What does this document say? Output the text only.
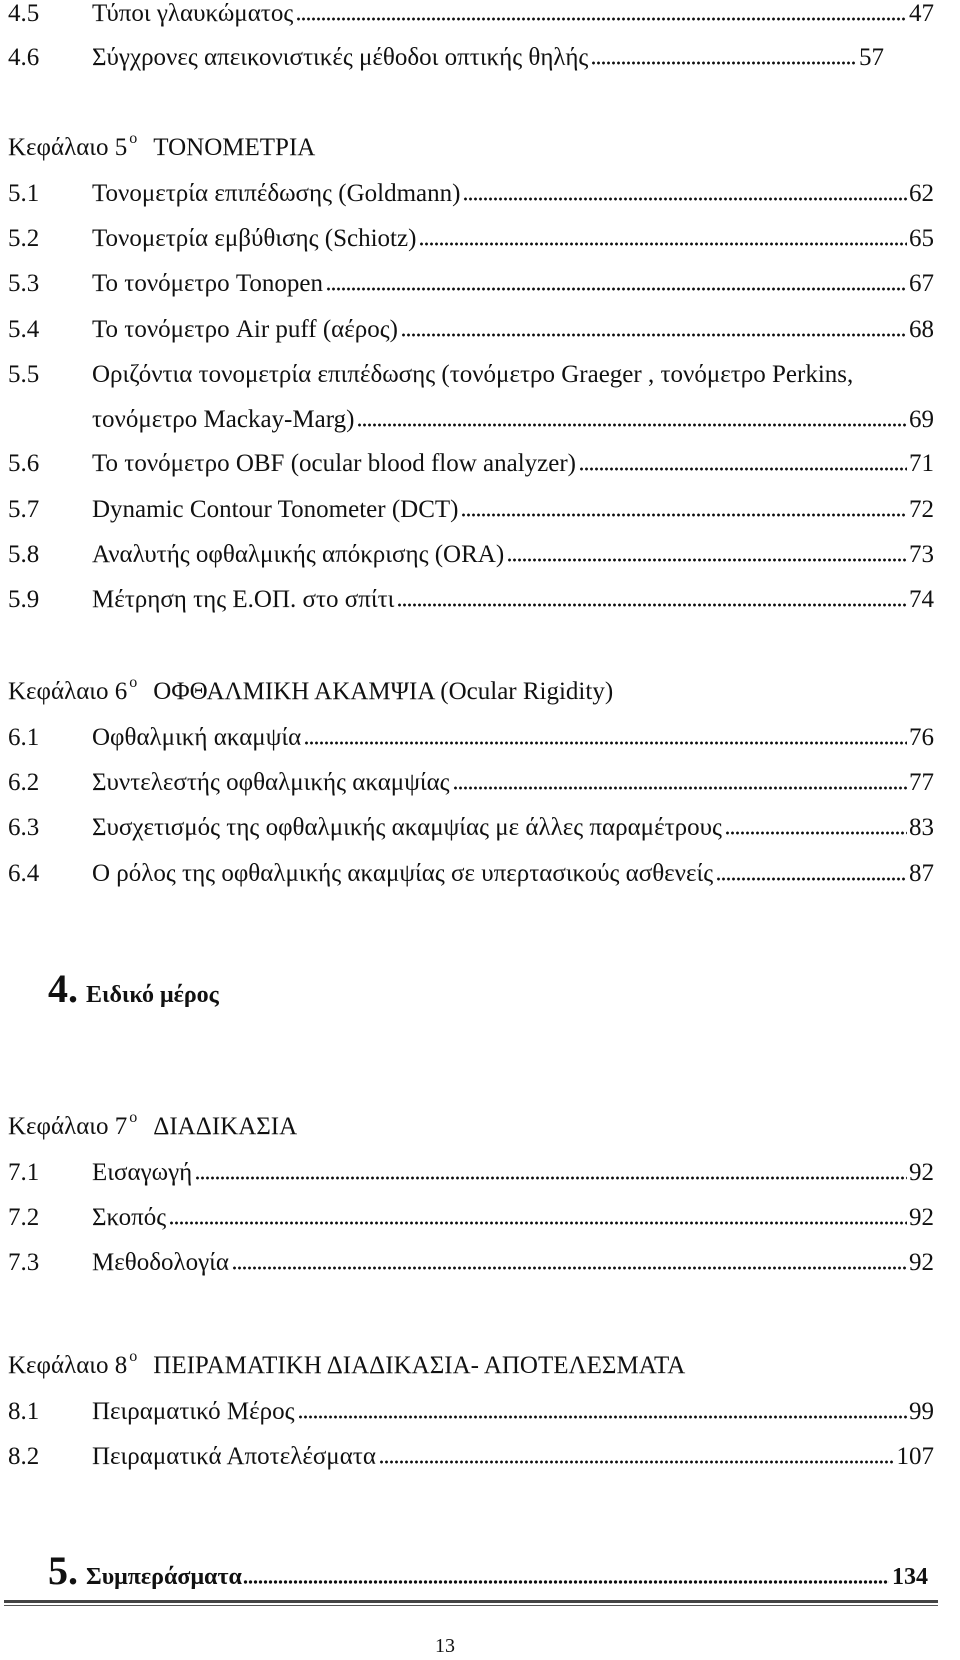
4.5	Τύποι γλαυκώματος	47
4.6	Σύγχρονες απεικονιστικές μέθοδοι οπτικής θηλής	57
Κεφάλαιο 5 $^o$ ΤΟΝΟΜΕΤΡΙΑ
5.1	Τονομετρία επιπέδωσης (Goldmann)	62
5.2	Τονομετρία εμβύθισης (Schiotz)	65
5.3	Το τονόμετρο Tonopen	67
5.4	Το τονόμετρο Air puff (αέρος)	68
5.5	Οριζόντια τονομετρία επιπέδωσης (τονόμετρο Graeger , τονόμετρο Perkins,
τονόμετρο Mackay-Marg)	69
5.6	Το τονόμετρο OBF (ocular blood flow analyzer)	71
5.7	Dynamic Contour Tonometer (DCT)	72
5.8	Αναλυτής οφθαλμικής απόκρισης (ORA)	73
5.9	Μέτρηση της Ε.ΟΠ. στο σπίτι	74
Κεφάλαιο 6 $^o$ ΟΦΘΑΛΜΙΚΗ ΑΚΑΜΨΙΑ (Ocular Rigidity)
6.1	Οφθαλμική ακαμψία	76
6.2	Συντελεστής οφθαλμικής ακαμψίας	77
6.3	Συσχετισμός της οφθαλμικής ακαμψίας με άλλες παραμέτρους	83
6.4	Ο ρόλος της οφθαλμικής ακαμψίας σε υπερτασικούς ασθενείς	87
4. Ειδικό μέρος
Κεφάλαιο 7 $^o$ ΔΙΑΔΙΚΑΣΙΑ
7.1	Εισαγωγή	92
7.2	Σκοπός	92
7.3	Μεθοδολογία	92
Κεφάλαιο 8 $^o$ ΠΕΙΡΑΜΑΤΙΚΗ ΔΙΑΔΙΚΑΣΙΑ- ΑΠΟΤΕΛΕΣΜΑΤΑ
8.1	Πειραματικό Μέρος	99
8.2	Πειραματικά Αποτελέσματα	107
5. Συμπεράσματα	134
13
